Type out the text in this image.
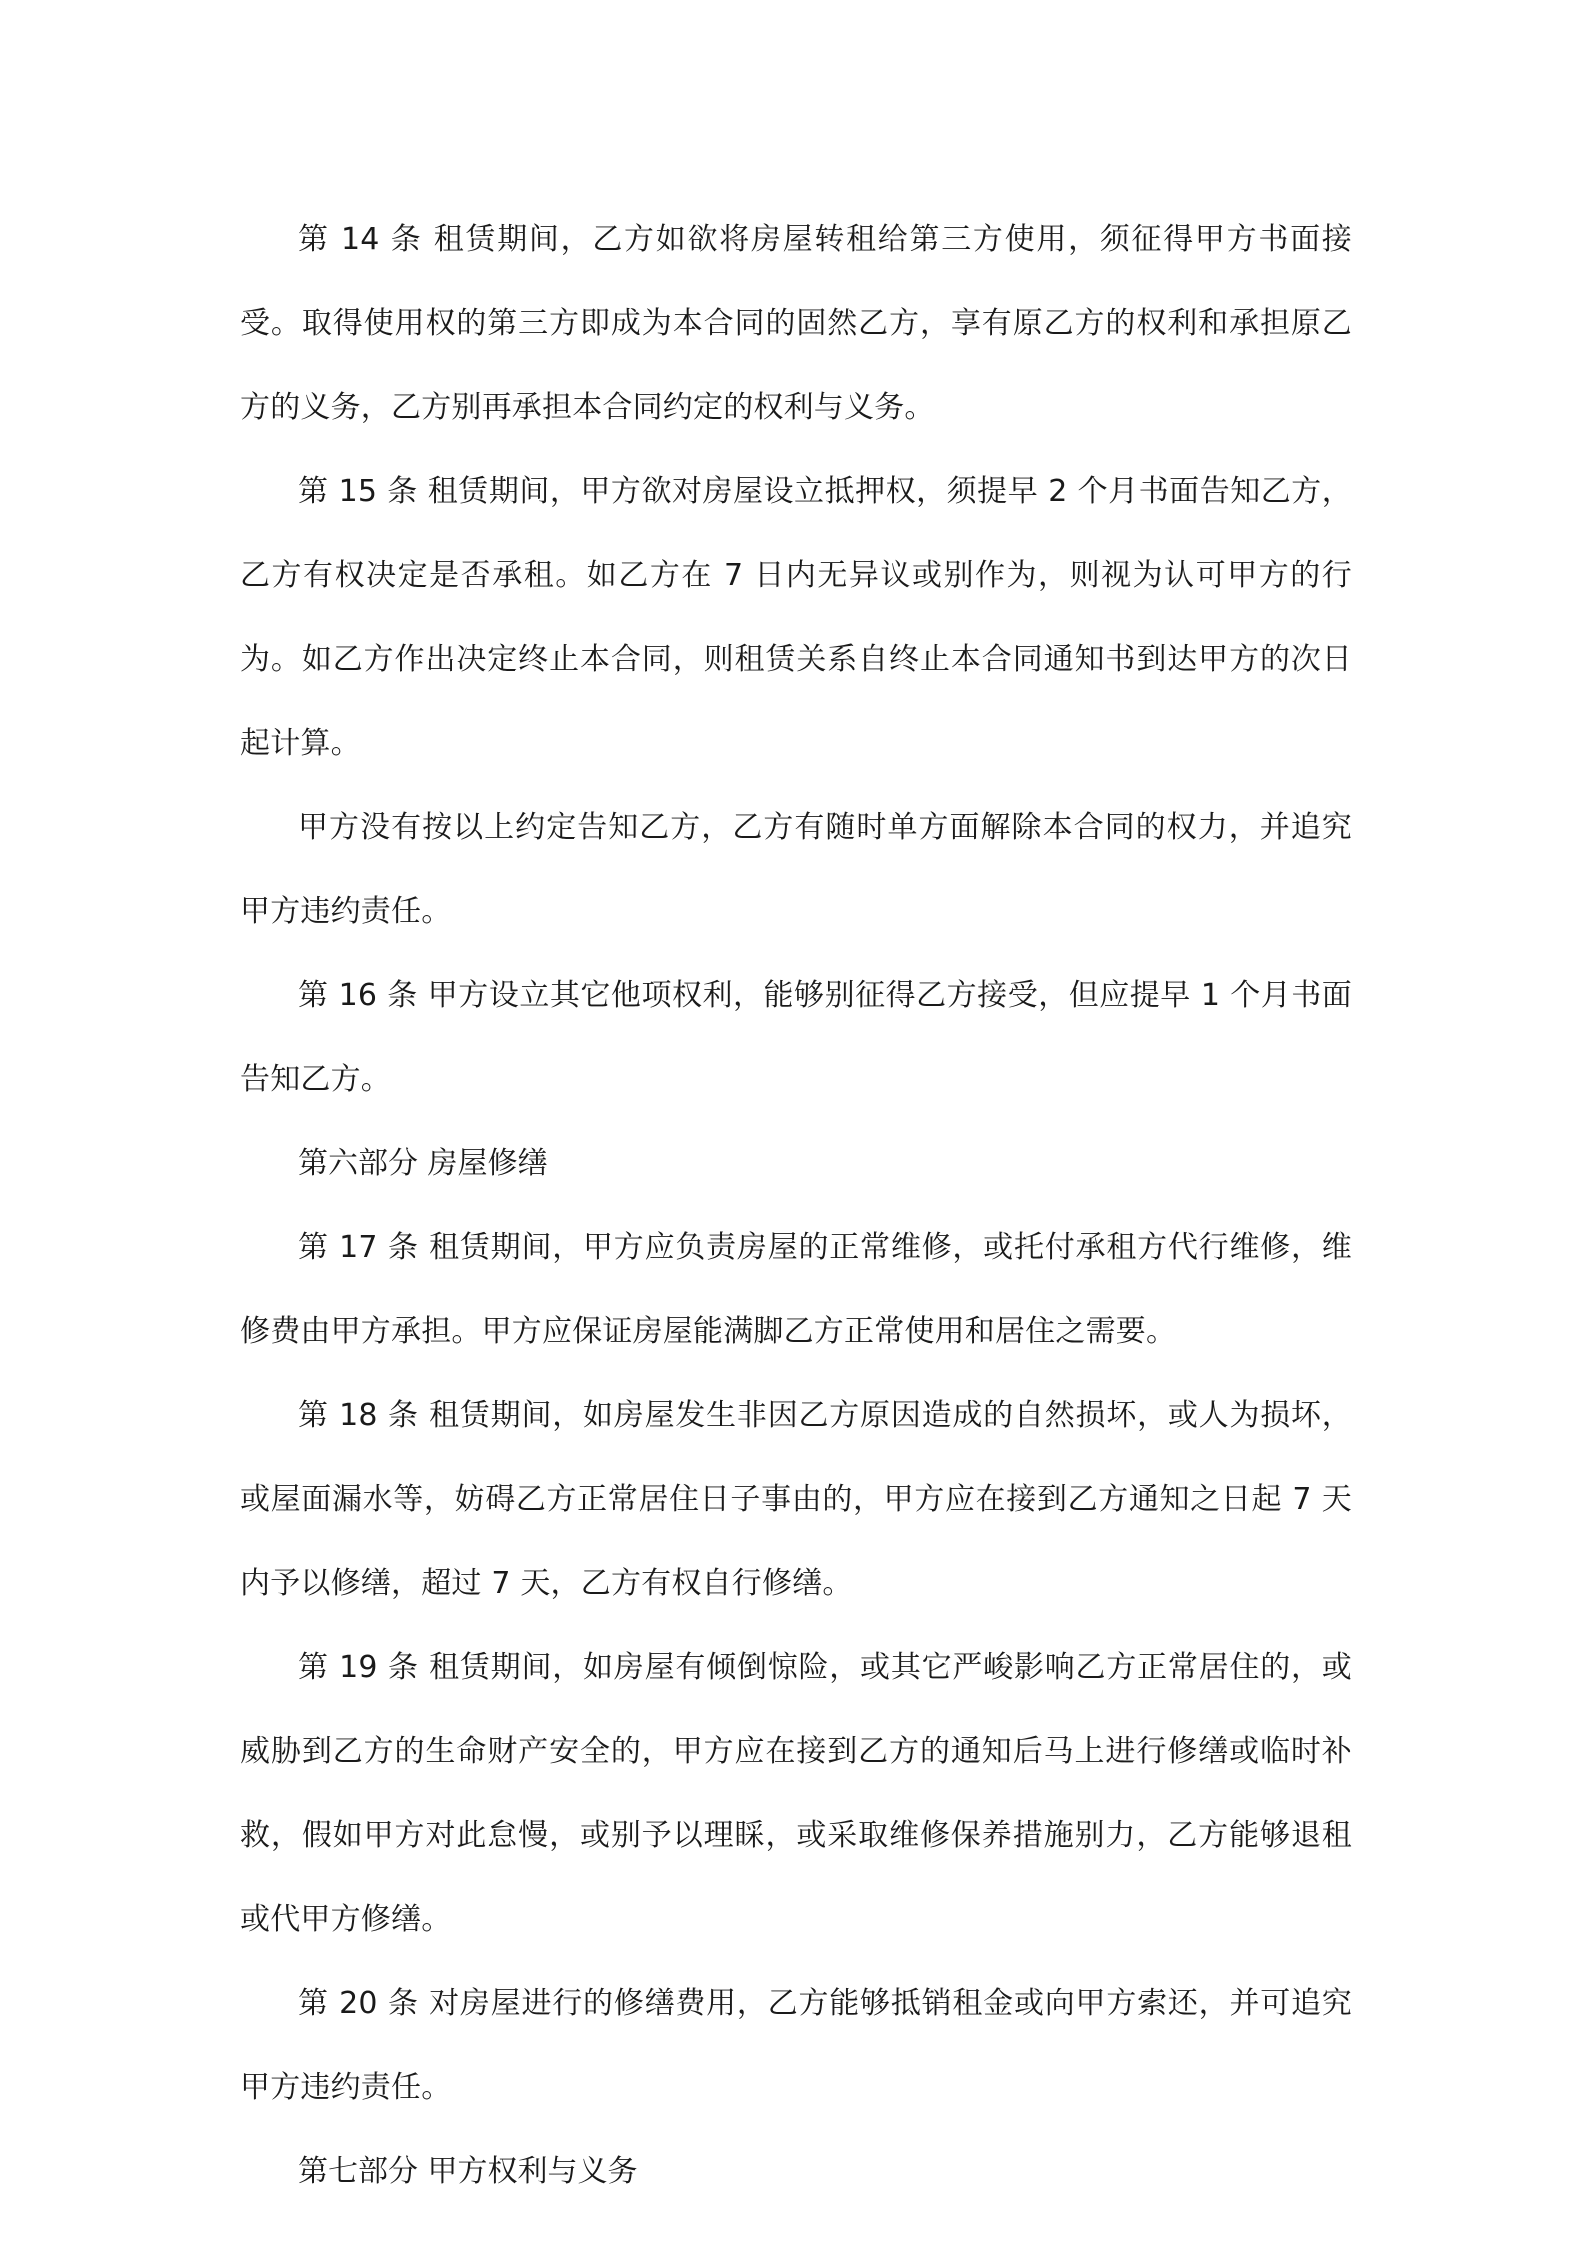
第 14 条 租赁期间，乙方如欲将房屋转租给第三方使用，须征得甲方书面接受。取得使用权的第三方即成为本合同的固然乙方，享有原乙方的权利和承担原乙方的义务，乙方别再承担本合同约定的权利与义务。

第 15 条 租赁期间，甲方欲对房屋设立抵押权，须提早 2 个月书面告知乙方，乙方有权决定是否承租。如乙方在 7 日内无异议或别作为，则视为认可甲方的行为。如乙方作出决定终止本合同，则租赁关系自终止本合同通知书到达甲方的次日起计算。

甲方没有按以上约定告知乙方，乙方有随时单方面解除本合同的权力，并追究甲方违约责任。

第 16 条 甲方设立其它他项权利，能够别征得乙方接受，但应提早 1 个月书面告知乙方。

第六部分 房屋修缮

第 17 条 租赁期间，甲方应负责房屋的正常维修，或托付承租方代行维修，维修费由甲方承担。甲方应保证房屋能满脚乙方正常使用和居住之需要。

第 18 条 租赁期间，如房屋发生非因乙方原因造成的自然损坏，或人为损坏，或屋面漏水等，妨碍乙方正常居住日子事由的，甲方应在接到乙方通知之日起 7 天内予以修缮，超过 7 天，乙方有权自行修缮。

第 19 条 租赁期间，如房屋有倾倒惊险，或其它严峻影响乙方正常居住的，或威胁到乙方的生命财产安全的，甲方应在接到乙方的通知后马上进行修缮或临时补救，假如甲方对此怠慢，或别予以理睬，或采取维修保养措施别力，乙方能够退租或代甲方修缮。

第 20 条 对房屋进行的修缮费用，乙方能够抵销租金或向甲方索还，并可追究甲方违约责任。

第七部分 甲方权利与义务
